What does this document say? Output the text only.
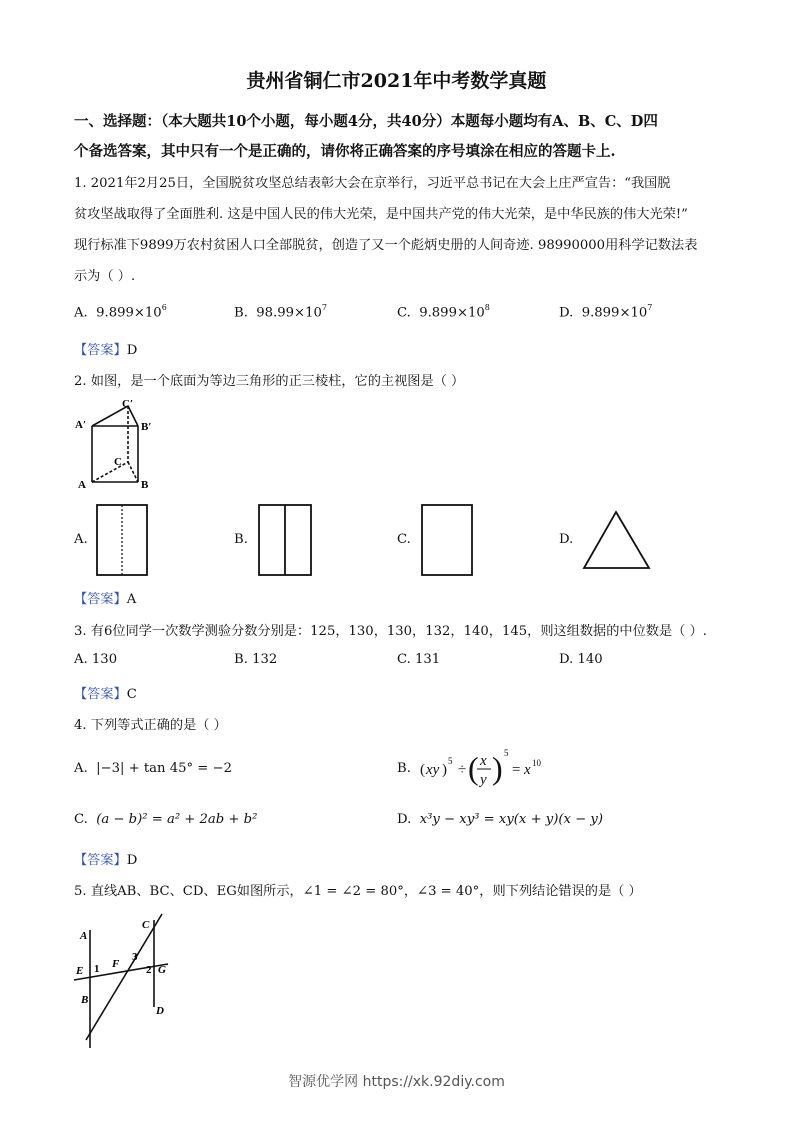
贵州省铜仁市2021年中考数学真题
一、选择题：（本大题共10个小题，每小题4分，共40分）本题每小题均有A、B、C、D四
个备选答案，其中只有一个是正确的，请你将正确答案的序号填涂在相应的答题卡上.
1. 2021年2月25日，全国脱贫攻坚总结表彰大会在京举行，习近平总书记在大会上庄严宣告：“我国脱
贫攻坚战取得了全面胜利. 这是中国人民的伟大光荣，是中国共产党的伟大光荣，是中华民族的伟大光荣!”
现行标准下9899万农村贫困人口全部脱贫，创造了又一个彪炳史册的人间奇迹. 98990000用科学记数法表
示为（ ）.
A. $9.899\times 10^6$	B. $98.99\times 10^7$	C. $9.899\times 10^8$	D. $9.899\times 10^7$
【答案】D
2. 如图，是一个底面为等边三角形的正三棱柱，它的主视图是（ ）
C′
A′	B′
C
A	B
A.	B.	C.	D.
【答案】A
3. 有6位同学一次数学测验分数分别是：125，130，130，132，140，145，则这组数据的中位数是（ ）.
A. 130	B. 132	C. 131	D. 140
【答案】C
4. 下列等式正确的是（ ）
A. |−3| + tan 45° = −2	B. ( xy )
5
÷ ( x
y ) 5
= x 10
C. (a − b)² = a² + 2ab + b²	D. x³y − xy³ = xy(x + y)(x − y)
【答案】D
5. 直线AB、BC、CD、EG如图所示，∠1 = ∠2 = 80°，∠3 = 40°，则下列结论错误的是（ ）
A
B
C
D
E
F	G
1	2
3
智源优学网 https://xk.92diy.com
